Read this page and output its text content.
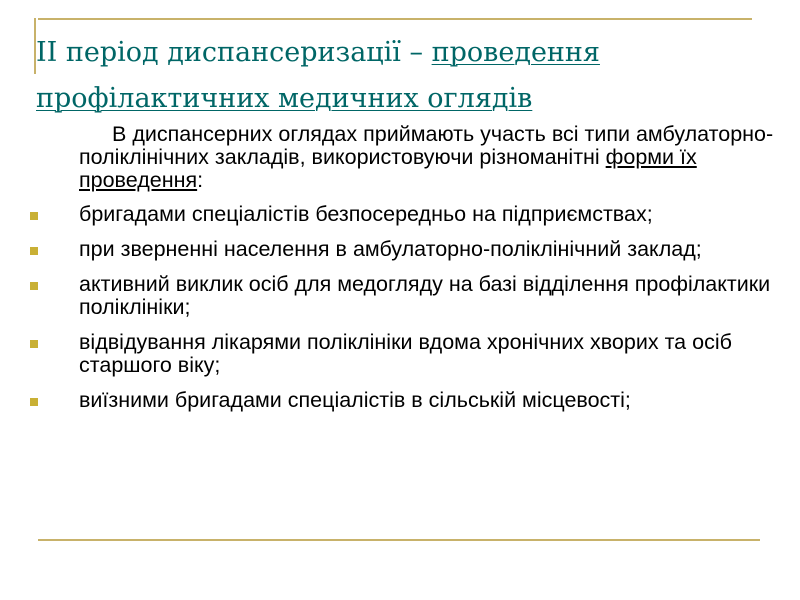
ІІ період диспансеризації – проведення профілактичних медичних оглядів

В диспансерних оглядах приймають участь всі типи амбулаторно-поліклінічних закладів, використовуючи різноманітні форми їх проведення:

бригадами спеціалістів безпосередньо на підприємствах;
при зверненні населення в амбулаторно-поліклінічний заклад;
активний виклик осіб для медогляду на базі відділення профілактики поліклініки;
відвідування лікарями поліклініки вдома хронічних хворих та осіб старшого віку;
виїзними бригадами спеціалістів в сільській місцевості;
